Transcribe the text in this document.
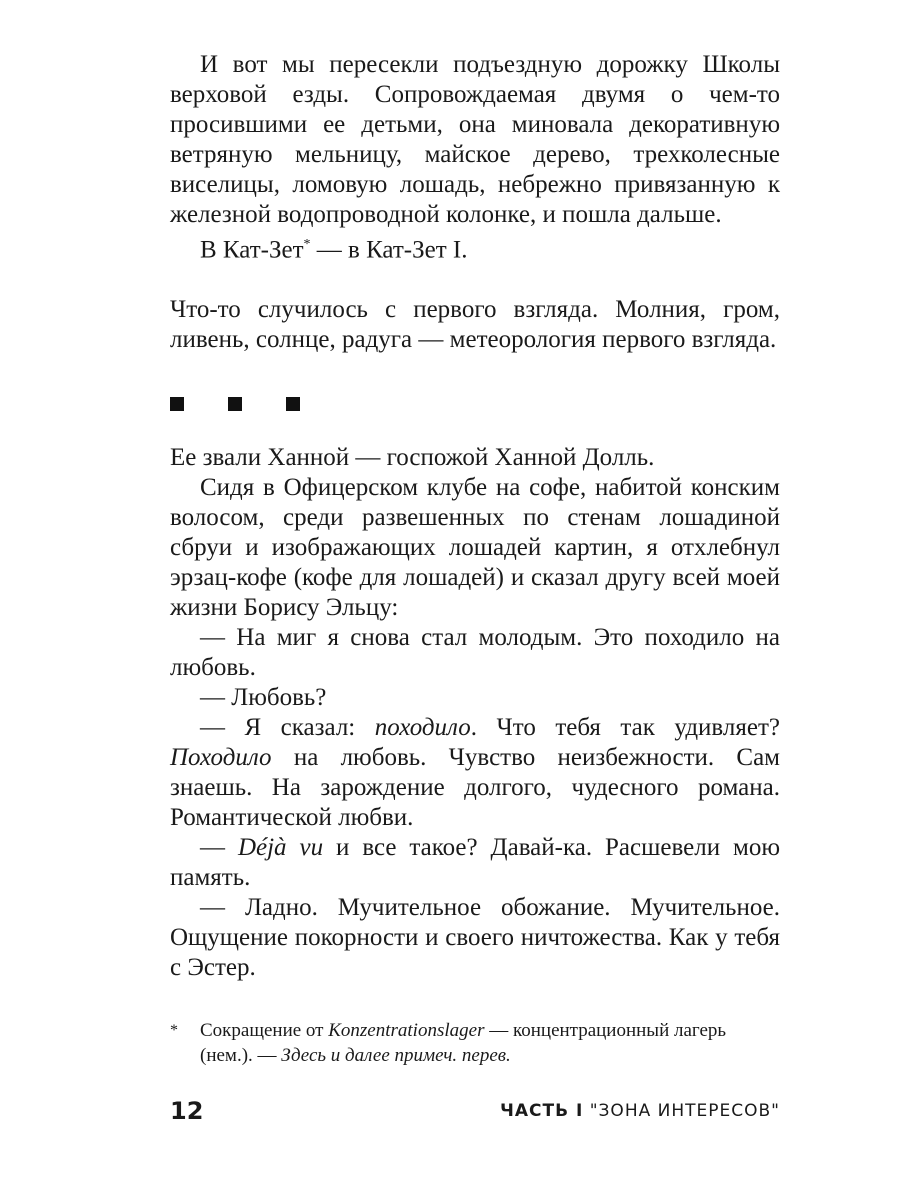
И вот мы пересекли подъездную дорожку Школы верховой езды. Сопровождаемая двумя о чем-то просившими ее детьми, она миновала декоративную ветряную мельницу, майское дерево, трехколесные виселицы, ломовую лошадь, небрежно привязанную к железной водопроводной колонке, и пошла дальше.

В Кат-Зет* — в Кат-Зет I.

Что-то случилось с первого взгляда. Молния, гром, ливень, солнце, радуга — метеорология первого взгляда.

Ее звали Ханной — госпожой Ханной Долль.

Сидя в Офицерском клубе на софе, набитой конским волосом, среди развешенных по стенам лошадиной сбруи и изображающих лошадей картин, я отхлебнул эрзац-кофе (кофе для лошадей) и сказал другу всей моей жизни Борису Эльцу:

— На миг я снова стал молодым. Это походило на любовь.

— Любовь?

— Я сказал: походило. Что тебя так удивляет? Походило на любовь. Чувство неизбежности. Сам знаешь. На зарождение долгого, чудесного романа. Романтической любви.

— Déjà vu и все такое? Давай-ка. Расшевели мою память.

— Ладно. Мучительное обожание. Мучительное. Ощущение покорности и своего ничтожества. Как у тебя с Эстер.

* Сокращение от Konzentrationslager — концентрационный лагерь (нем.). — Здесь и далее примеч. перев.
12	ЧАСТЬ I "ЗОНА ИНТЕРЕСОВ"
